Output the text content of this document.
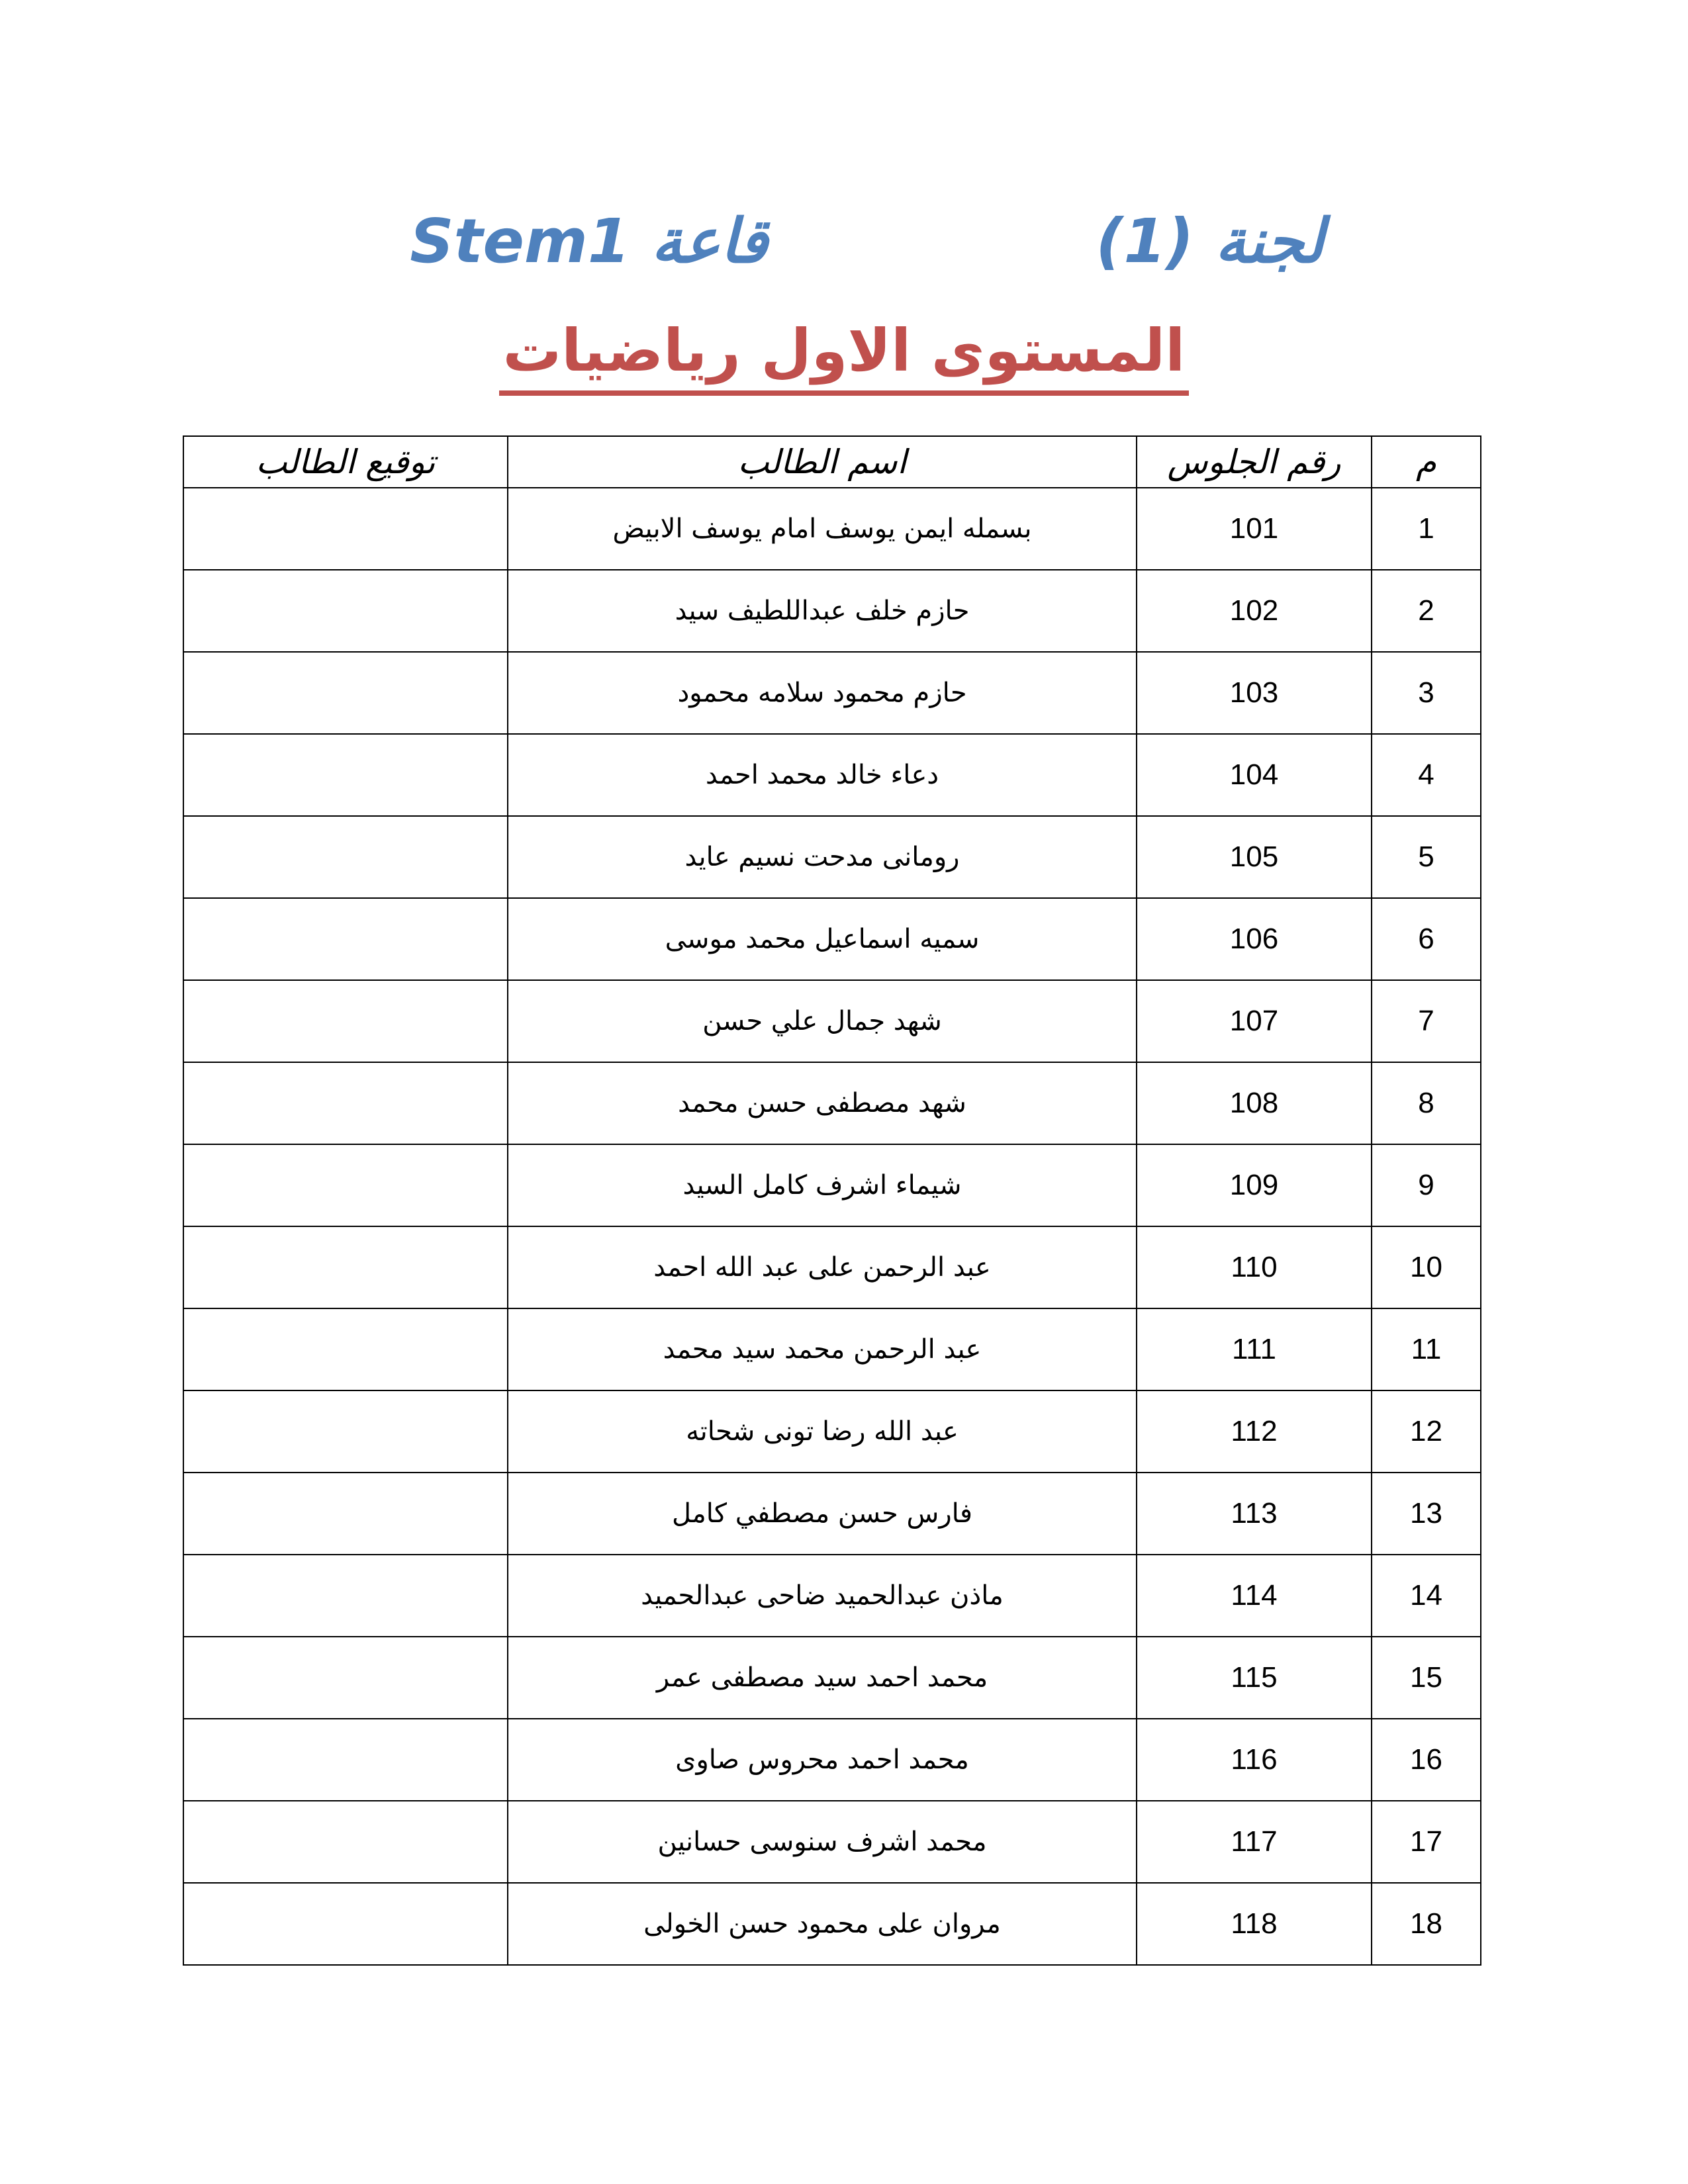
لجنة (1)
قاعة Stem1
المستوى الاول رياضيات
م	رقم الجلوس	اسم الطالب	توقيع الطالب
1	101	بسمله ايمن يوسف امام يوسف الابيض	
2	102	حازم خلف عبداللطيف سيد	
3	103	حازم محمود سلامه محمود	
4	104	دعاء خالد محمد احمد	
5	105	رومانى مدحت نسيم عايد	
6	106	سميه اسماعيل محمد موسى	
7	107	شهد جمال علي حسن	
8	108	شهد مصطفى حسن محمد	
9	109	شيماء اشرف كامل السيد	
10	110	عبد الرحمن على عبد الله احمد	
11	111	عبد الرحمن محمد سيد محمد	
12	112	عبد الله رضا تونى شحاته	
13	113	فارس حسن مصطفي كامل	
14	114	ماذن عبدالحميد ضاحى عبدالحميد	
15	115	محمد احمد سيد مصطفى عمر	
16	116	محمد احمد محروس صاوى	
17	117	محمد اشرف سنوسى حسانين	
18	118	مروان على محمود حسن الخولى	
